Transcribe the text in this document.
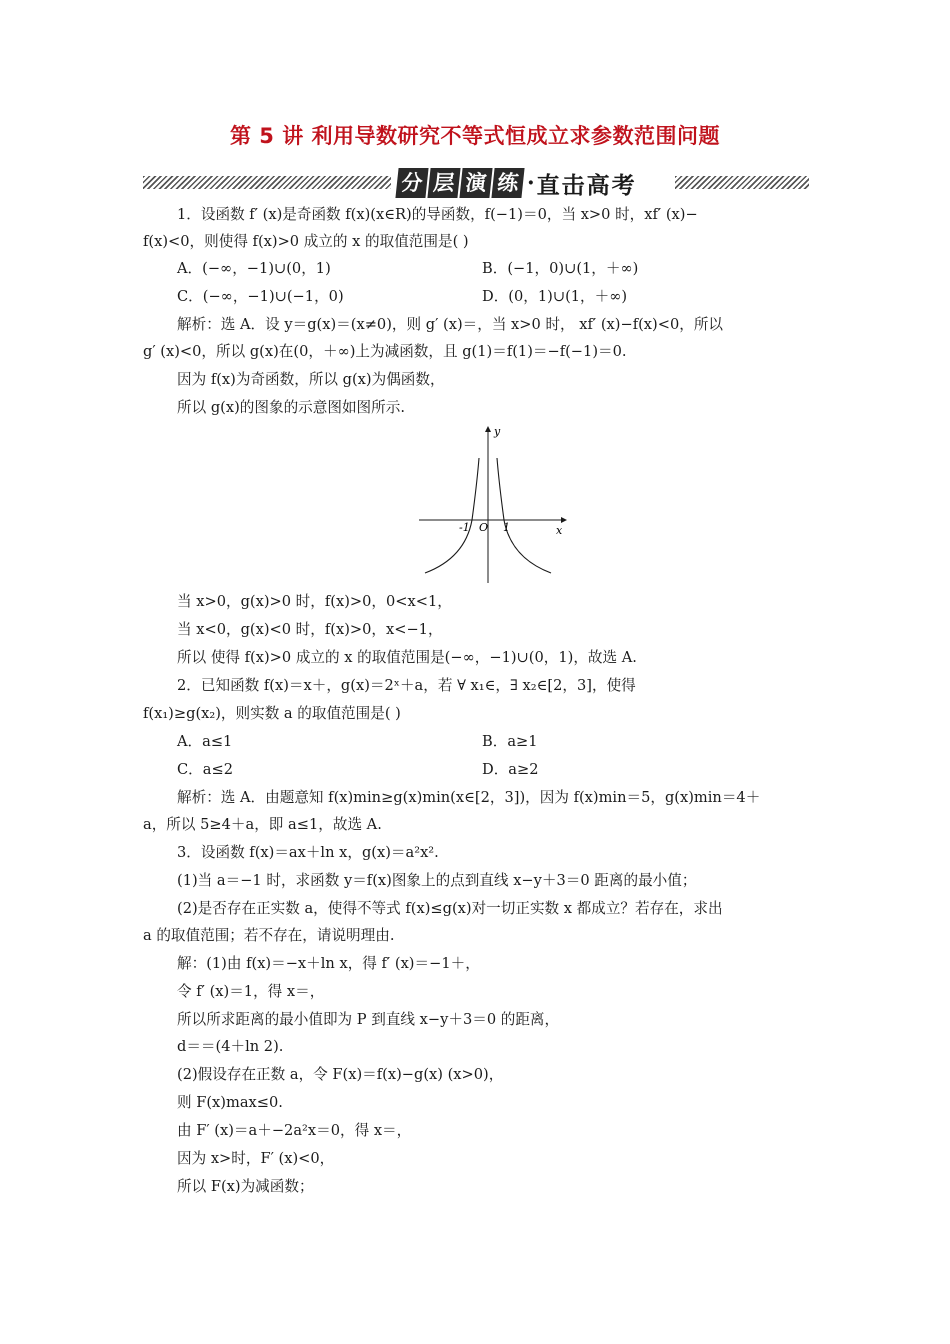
第 5 讲 利用导数研究不等式恒成立求参数范围问题
分 层 演 练 · 直击高考
1．设函数 f′ (x)是奇函数 f(x)(x∈R)的导函数，f(−1)＝0，当 x>0 时，xf′ (x)−
f(x)<0，则使得 f(x)>0 成立的 x 的取值范围是( )
A．(−∞，−1)∪(0，1)	B．(−1，0)∪(1，＋∞)
C．(−∞，−1)∪(−1，0)	D．(0，1)∪(1，＋∞)
解析：选 A．设 y＝g(x)＝(x≠0)，则 g′ (x)＝，当 x>0 时， xf′ (x)−f(x)<0，所以
g′ (x)<0，所以 g(x)在(0，＋∞)上为减函数，且 g(1)＝f(1)＝−f(−1)＝0.
因为 f(x)为奇函数，所以 g(x)为偶函数，
所以 g(x)的图象的示意图如图所示.
y
x
-1 O 1
当 x>0，g(x)>0 时，f(x)>0，0<x<1，
当 x<0，g(x)<0 时，f(x)>0，x<−1，
所以 使得 f(x)>0 成立的 x 的取值范围是(−∞，−1)∪(0，1)，故选 A.
2．已知函数 f(x)＝x＋，g(x)＝2ˣ＋a，若 ∀ x₁∈，∃ x₂∈[2，3]，使得
f(x₁)≥g(x₂)，则实数 a 的取值范围是( )
A．a≤1	B．a≥1
C．a≤2	D．a≥2
解析：选 A．由题意知 f(x)min≥g(x)min(x∈[2，3])，因为 f(x)min＝5，g(x)min＝4＋
a，所以 5≥4＋a，即 a≤1，故选 A.
3．设函数 f(x)＝ax＋ln x，g(x)＝a²x².
(1)当 a＝−1 时，求函数 y＝f(x)图象上的点到直线 x−y＋3＝0 距离的最小值；
(2)是否存在正实数 a，使得不等式 f(x)≤g(x)对一切正实数 x 都成立？若存在，求出
a 的取值范围；若不存在，请说明理由.
解：(1)由 f(x)＝−x＋ln x，得 f′ (x)＝−1＋，
令 f′ (x)＝1，得 x＝，
所以所求距离的最小值即为 P 到直线 x−y＋3＝0 的距离，
d＝＝(4＋ln 2).
(2)假设存在正数 a，令 F(x)＝f(x)−g(x) (x>0)，
则 F(x)max≤0.
由 F′ (x)＝a＋−2a²x＝0，得 x＝，
因为 x>时，F′ (x)<0，
所以 F(x)为减函数；
